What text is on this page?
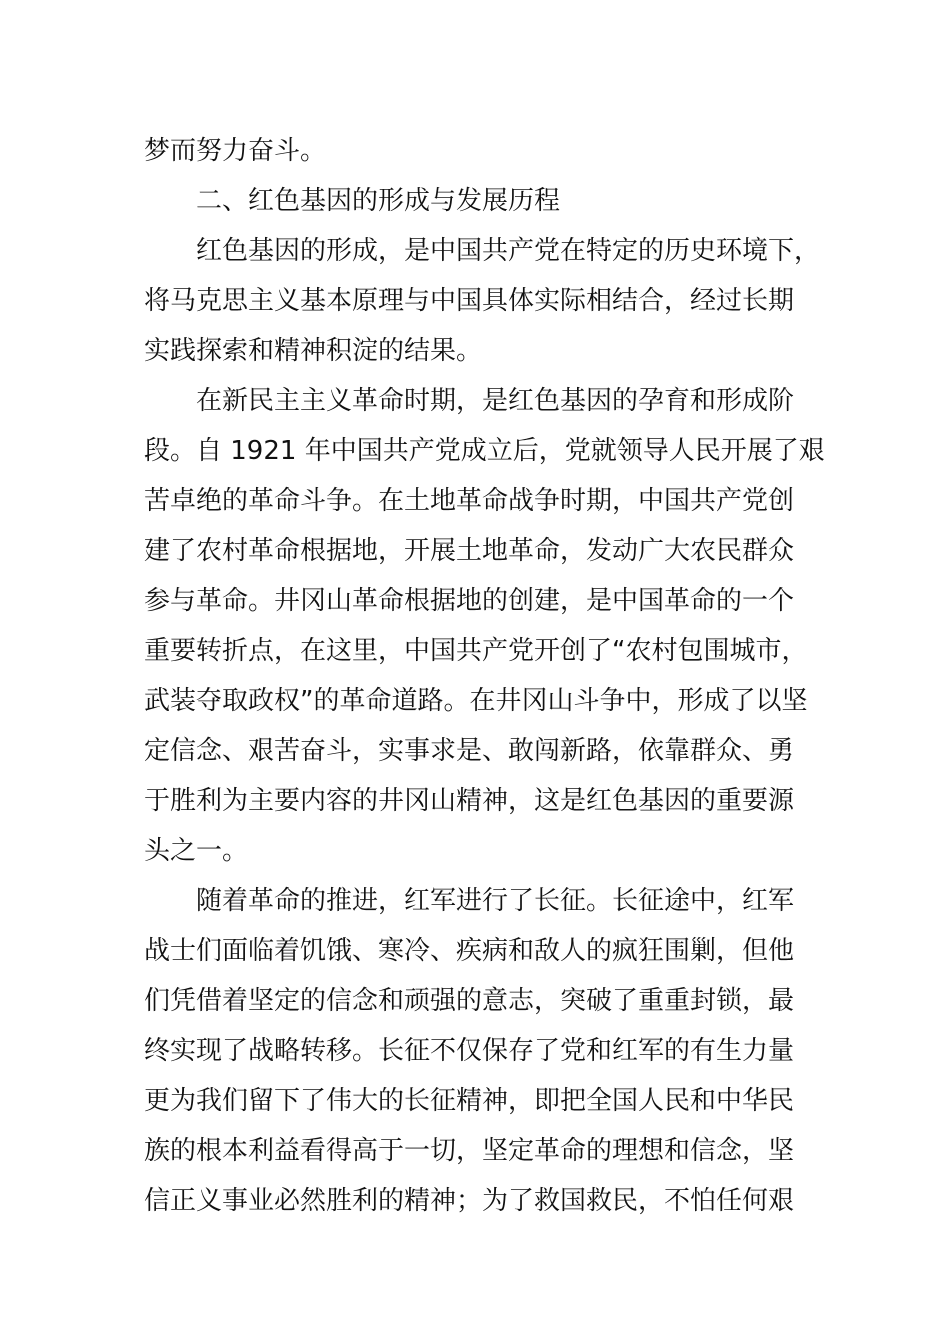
梦而努力奋斗。
二、红色基因的形成与发展历程
红色基因的形成，是中国共产党在特定的历史环境下，
将马克思主义基本原理与中国具体实际相结合，经过长期
实践探索和精神积淀的结果。
在新民主主义革命时期，是红色基因的孕育和形成阶
段。自 1921 年中国共产党成立后，党就领导人民开展了艰
苦卓绝的革命斗争。在土地革命战争时期，中国共产党创
建了农村革命根据地，开展土地革命，发动广大农民群众
参与革命。井冈山革命根据地的创建，是中国革命的一个
重要转折点，在这里，中国共产党开创了“农村包围城市，
武装夺取政权”的革命道路。在井冈山斗争中，形成了以坚
定信念、艰苦奋斗，实事求是、敢闯新路，依靠群众、勇
于胜利为主要内容的井冈山精神，这是红色基因的重要源
头之一。
随着革命的推进，红军进行了长征。长征途中，红军
战士们面临着饥饿、寒冷、疾病和敌人的疯狂围剿，但他
们凭借着坚定的信念和顽强的意志，突破了重重封锁，最
终实现了战略转移。长征不仅保存了党和红军的有生力量
更为我们留下了伟大的长征精神，即把全国人民和中华民
族的根本利益看得高于一切，坚定革命的理想和信念，坚
信正义事业必然胜利的精神；为了救国救民，不怕任何艰
